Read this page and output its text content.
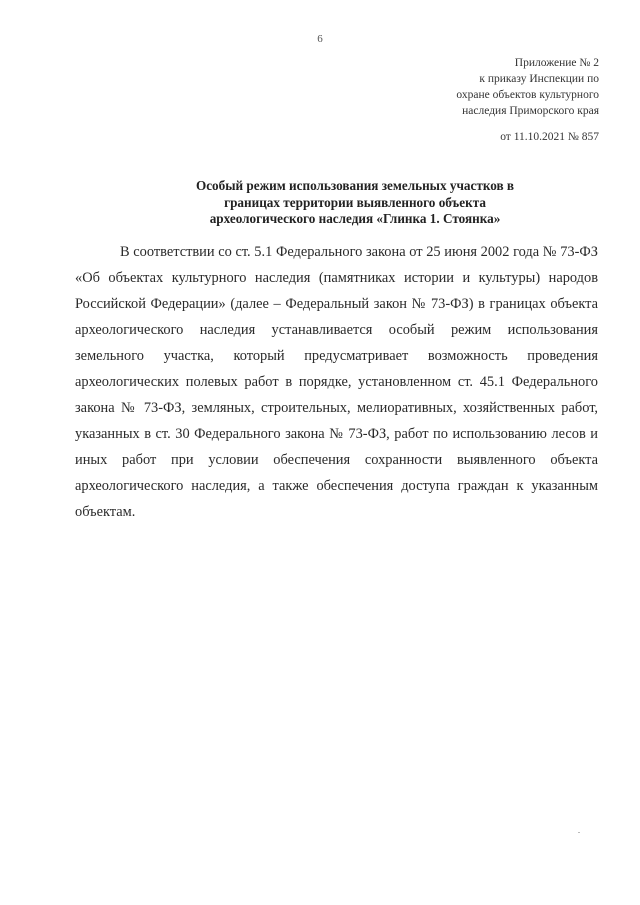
6
Приложение № 2
к приказу Инспекции по
охране объектов культурного
наследия Приморского края
от 11.10.2021 № 857
Особый режим использования земельных участков в
границах территории выявленного объекта
археологического наследия «Глинка 1. Стоянка»

В соответствии со ст. 5.1 Федерального закона от 25 июня 2002 года № 73-ФЗ «Об объектах культурного наследия (памятниках истории и культуры) народов Российской Федерации» (далее – Федеральный закон № 73-ФЗ) в границах объекта археологического наследия устанавливается особый режим использования земельного участка, который предусматривает возможность проведения археологических полевых работ в порядке, установленном ст. 45.1 Федерального закона № 73-ФЗ, земляных, строительных, мелиоративных, хозяйственных работ, указанных в ст. 30 Федерального закона № 73-ФЗ, работ по использованию лесов и иных работ при условии обеспечения сохранности выявленного объекта археологического наследия, а также обеспечения доступа граждан к указанным объектам.
